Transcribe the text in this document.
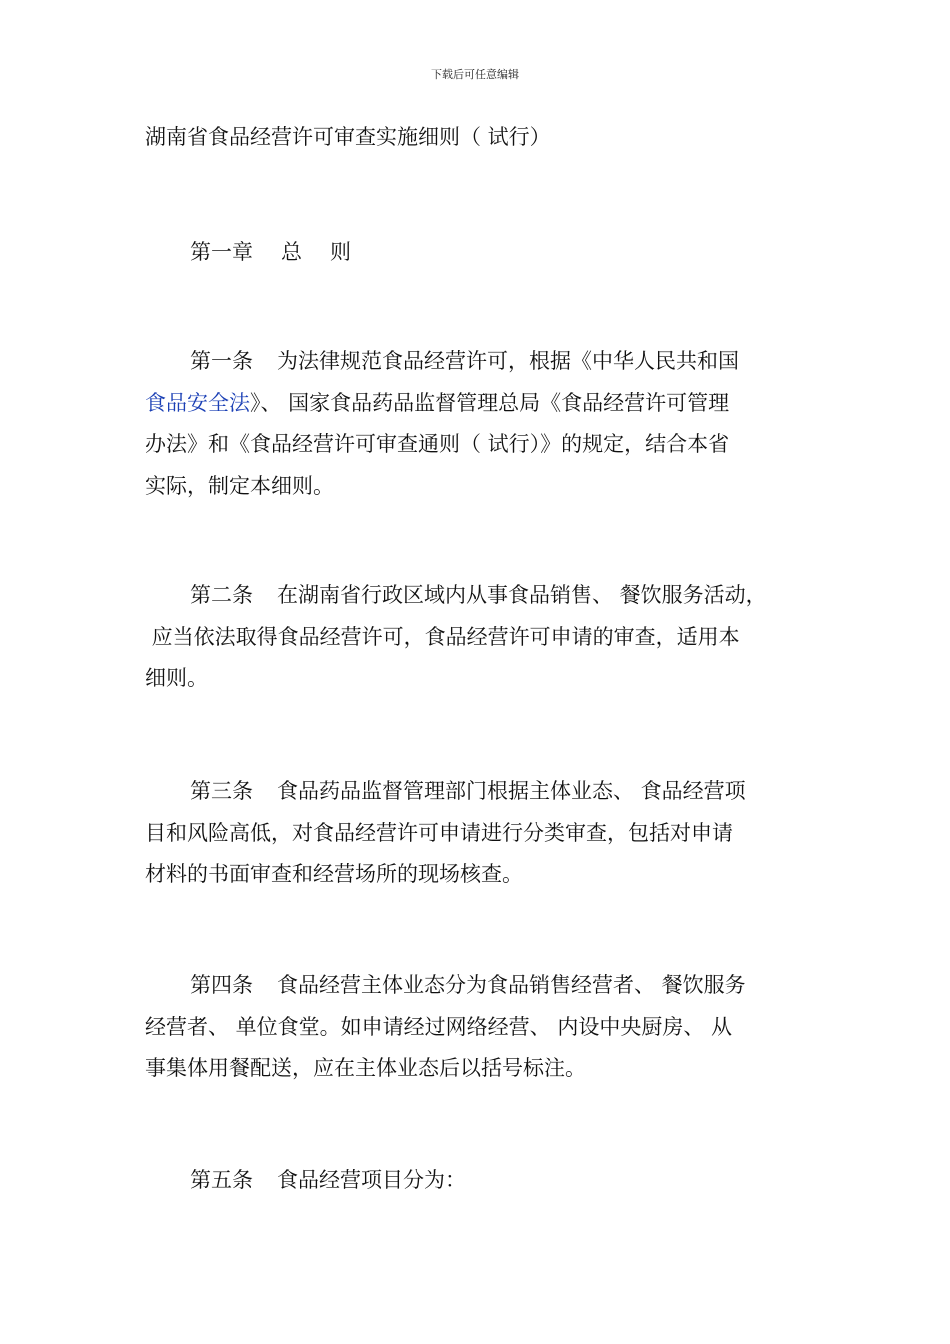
下载后可任意编辑
湖南省食品经营许可审查实施细则（ 试行）
第一章 总 则
第一条 为法律规范食品经营许可，根据《中华人民共和国
食品安全法》、 国家食品药品监督管理总局《食品经营许可管理
办法》和《食品经营许可审查通则（ 试行）》的规定，结合本省
实际，制定本细则。
第二条 在湖南省行政区域内从事食品销售、 餐饮服务活动，
应当依法取得食品经营许可，食品经营许可申请的审查，适用本
细则。
第三条 食品药品监督管理部门根据主体业态、 食品经营项
目和风险高低，对食品经营许可申请进行分类审查，包括对申请
材料的书面审查和经营场所的现场核查。
第四条 食品经营主体业态分为食品销售经营者、 餐饮服务
经营者、 单位食堂。如申请经过网络经营、 内设中央厨房、 从
事集体用餐配送，应在主体业态后以括号标注。
第五条 食品经营项目分为：
